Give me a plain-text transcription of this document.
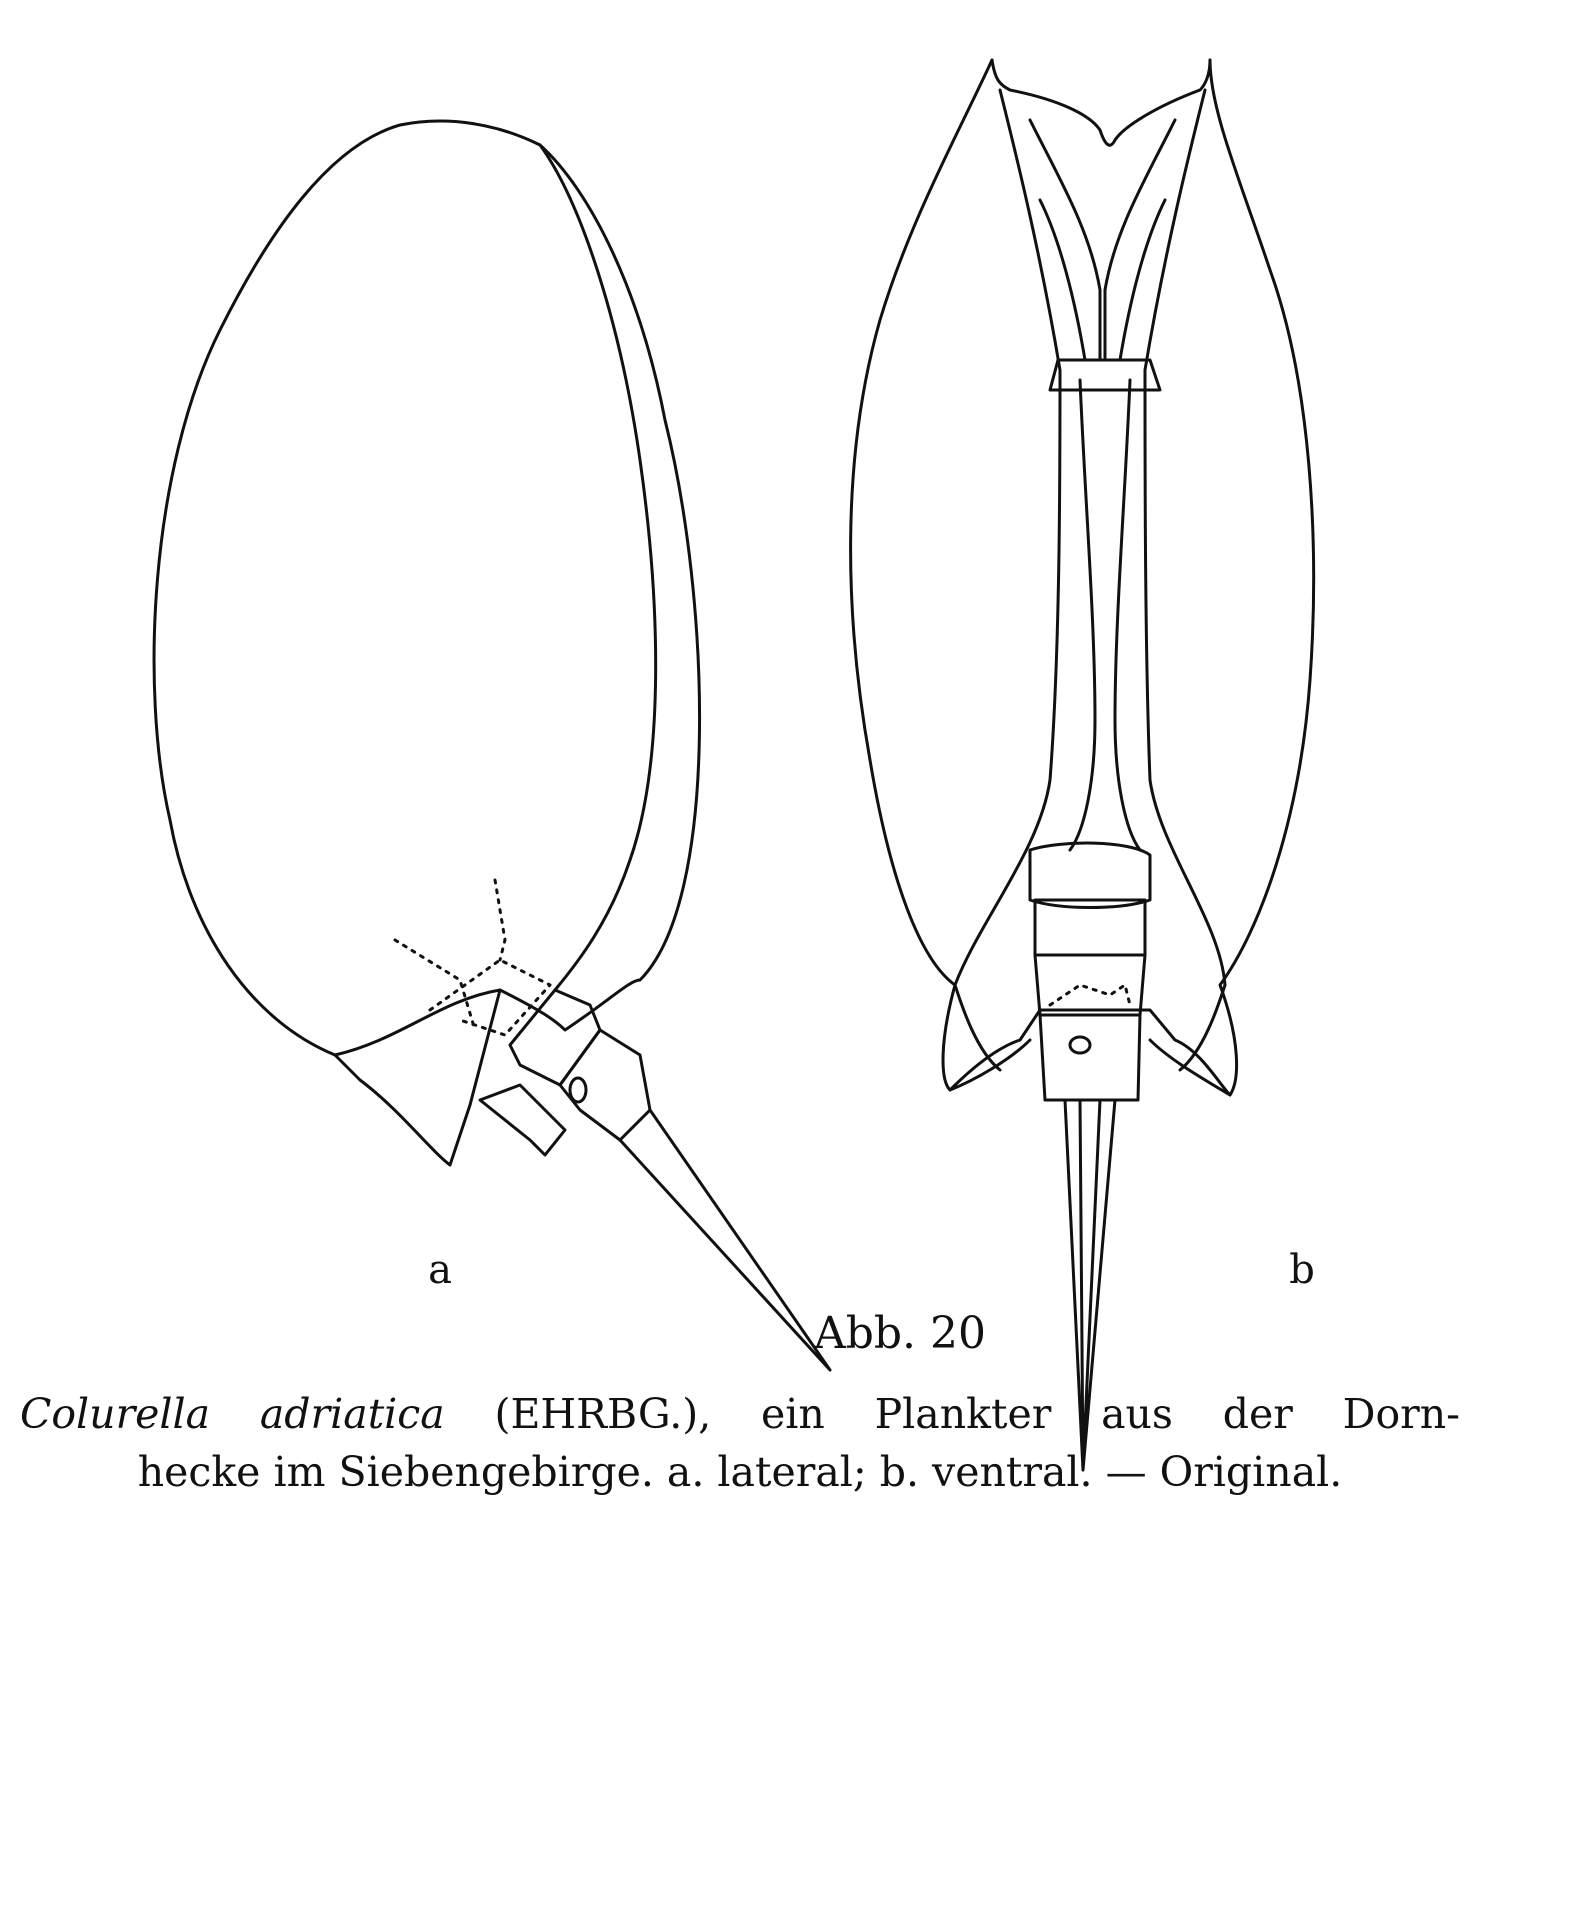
a	b
Abb. 20
Colurella adriatica (EHRBG.), ein Plankter aus der Dorn-
hecke im Siebengebirge. a. lateral; b. ventral. — Original.
